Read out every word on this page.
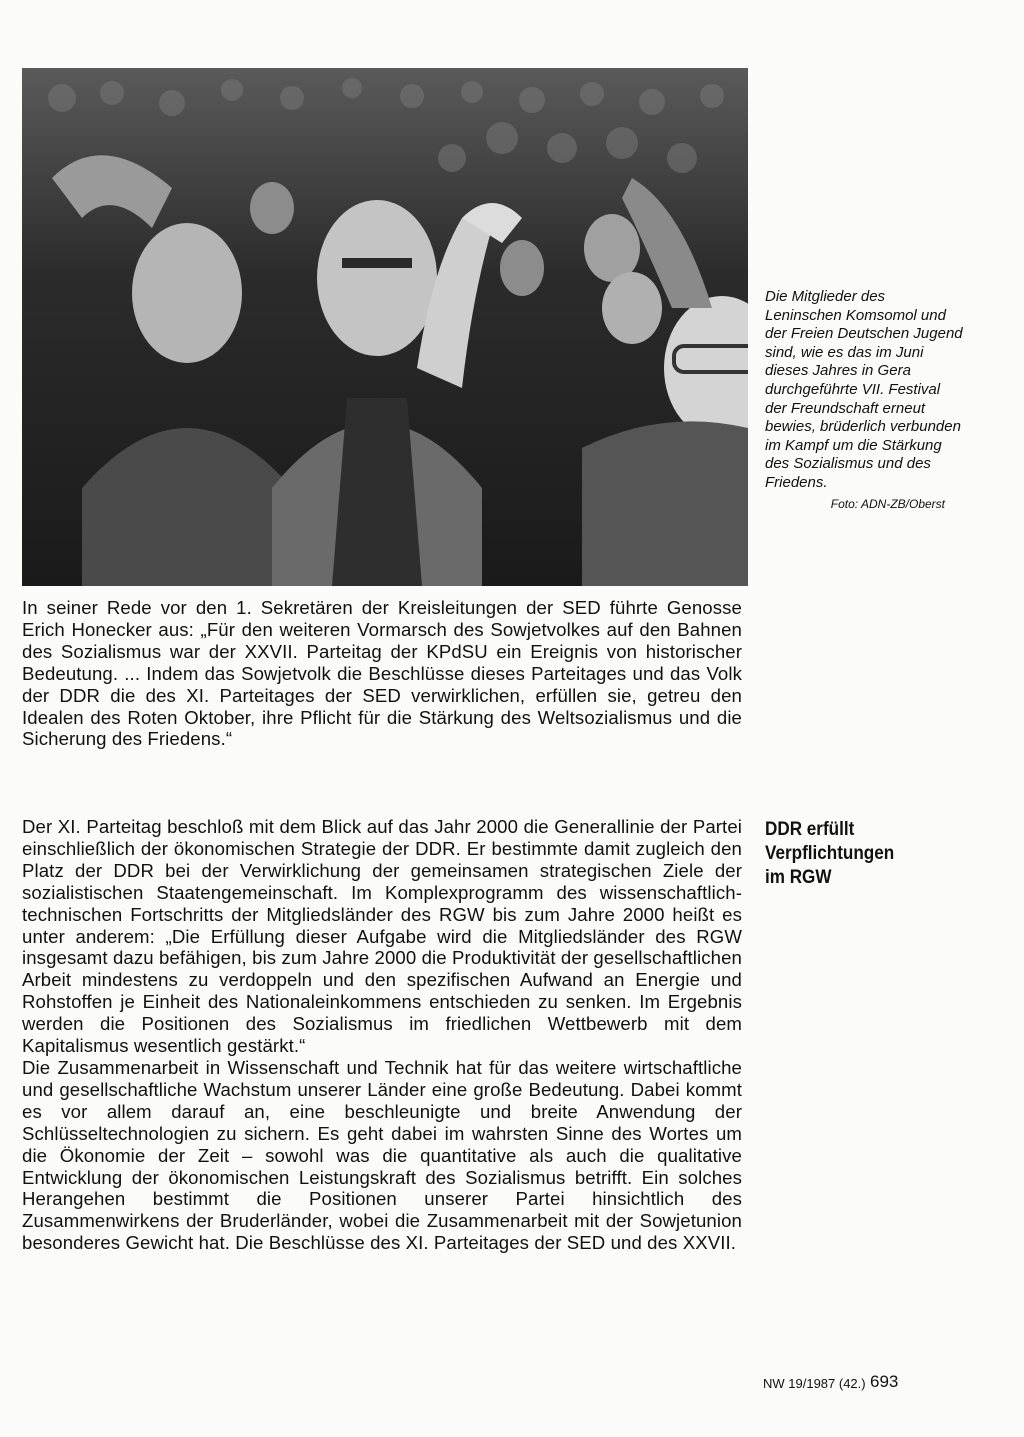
Die Mitglieder des Leninschen Komsomol und der Freien Deutschen Jugend sind, wie es das im Juni dieses Jahres in Gera durchgeführte VII. Festival der Freundschaft erneut bewies, brüderlich verbunden im Kampf um die Stärkung des Sozialismus und des Friedens.

Foto: ADN-ZB/Oberst

In seiner Rede vor den 1. Sekretären der Kreisleitungen der SED führte Genosse Erich Honecker aus: „Für den weiteren Vormarsch des Sowjetvolkes auf den Bahnen des Sozialismus war der XXVII. Parteitag der KPdSU ein Ereignis von historischer Bedeutung. ... Indem das Sowjetvolk die Beschlüsse dieses Parteitages und das Volk der DDR die des XI. Parteitages der SED verwirklichen, erfüllen sie, getreu den Idealen des Roten Oktober, ihre Pflicht für die Stärkung des Weltsozialismus und die Sicherung des Friedens.“

Der XI. Parteitag beschloß mit dem Blick auf das Jahr 2000 die Generallinie der Partei einschließlich der ökonomischen Strategie der DDR. Er bestimmte damit zugleich den Platz der DDR bei der Verwirklichung der gemeinsamen strategischen Ziele der sozialistischen Staatengemeinschaft. Im Komplexprogramm des wissenschaftlich-technischen Fortschritts der Mitgliedsländer des RGW bis zum Jahre 2000 heißt es unter anderem: „Die Erfüllung dieser Aufgabe wird die Mitgliedsländer des RGW insgesamt dazu befähigen, bis zum Jahre 2000 die Produktivität der gesellschaftlichen Arbeit mindestens zu verdoppeln und den spezifischen Aufwand an Energie und Rohstoffen je Einheit des Nationaleinkommens entschieden zu senken. Im Ergebnis werden die Positionen des Sozialismus im friedlichen Wettbewerb mit dem Kapitalismus wesentlich gestärkt.“

Die Zusammenarbeit in Wissenschaft und Technik hat für das weitere wirtschaftliche und gesellschaftliche Wachstum unserer Länder eine große Bedeutung. Dabei kommt es vor allem darauf an, eine beschleunigte und breite Anwendung der Schlüsseltechnologien zu sichern. Es geht dabei im wahrsten Sinne des Wortes um die Ökonomie der Zeit – sowohl was die quantitative als auch die qualitative Entwicklung der ökonomischen Leistungskraft des Sozialismus betrifft. Ein solches Herangehen bestimmt die Positionen unserer Partei hinsichtlich des Zusammenwirkens der Bruderländer, wobei die Zusammenarbeit mit der Sowjetunion besonderes Gewicht hat. Die Beschlüsse des XI. Parteitages der SED und des XXVII.

DDR erfüllt
Verpflichtungen
im RGW
NW 19/1987 (42.) 693
